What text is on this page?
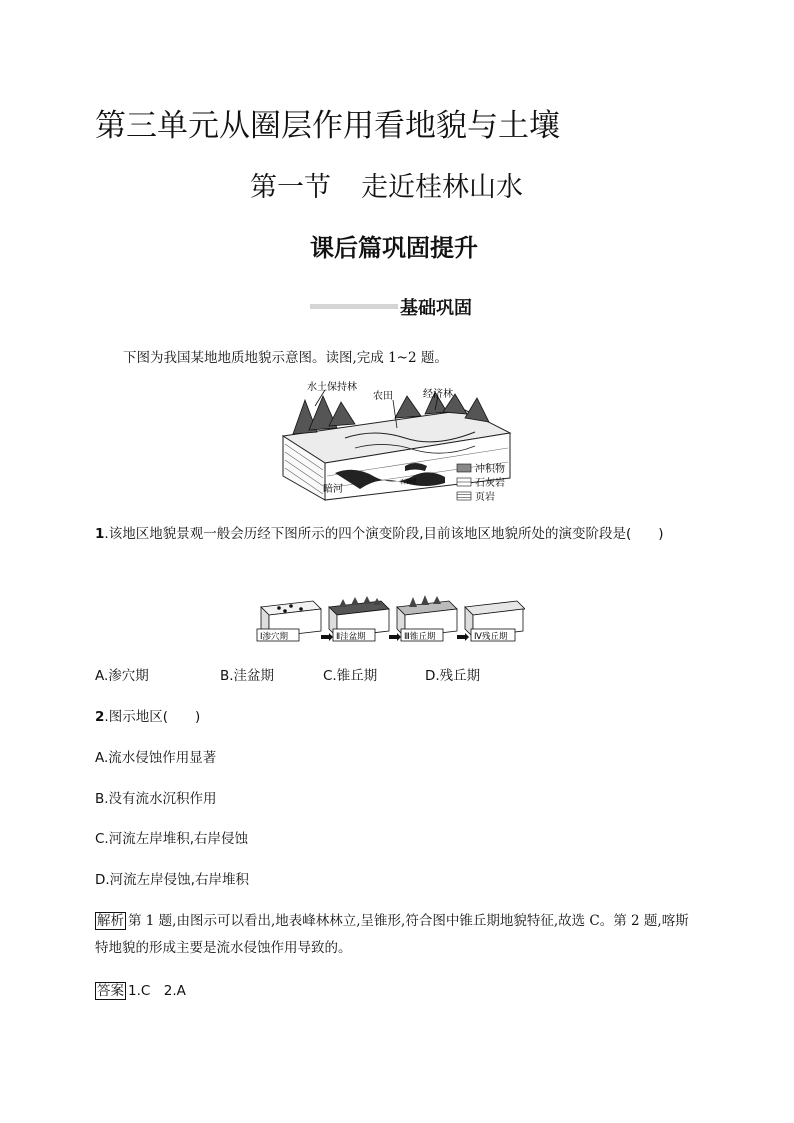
第三单元从圈层作用看地貌与土壤
第一节 走近桂林山水
课后篇巩固提升
基础巩固
下图为我国某地地质地貌示意图。读图,完成 1~2 题。
水土保持林
农田	经济林
暗河
石钟乳
冲积物
石灰岩
页岩
1.该地区地貌景观一般会历经下图所示的四个演变阶段,目前该地区地貌所处的演变阶段是(　　)
Ⅰ渗穴期	Ⅱ洼盆期	Ⅲ锥丘期	Ⅳ残丘期
A.渗穴期	B.洼盆期	C.锥丘期	D.残丘期
2.图示地区(　　)
A.流水侵蚀作用显著
B.没有流水沉积作用
C.河流左岸堆积,右岸侵蚀
D.河流左岸侵蚀,右岸堆积
解析 第 1 题,由图示可以看出,地表峰林林立,呈锥形,符合图中锥丘期地貌特征,故选 C。第 2 题,喀斯
特地貌的形成主要是流水侵蚀作用导致的。
答案 1.C　2.A
